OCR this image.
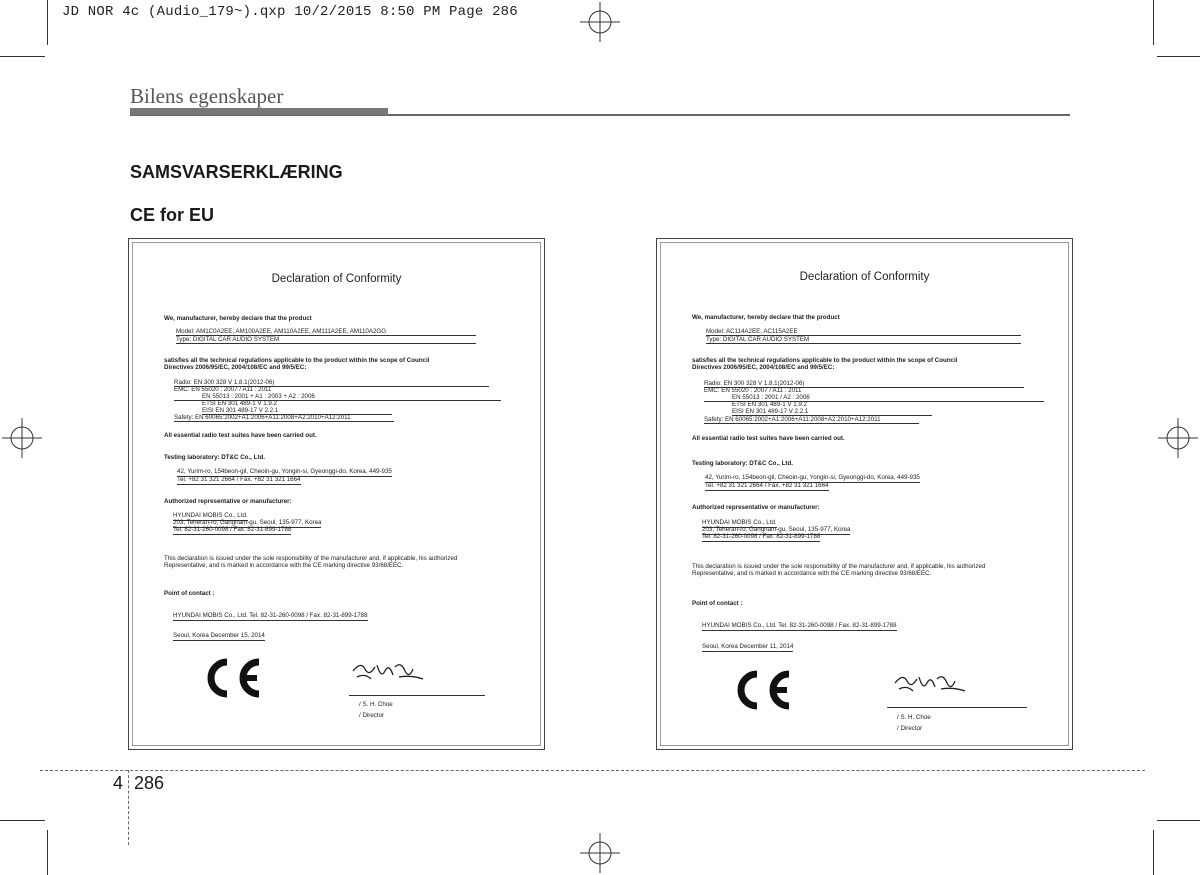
JD NOR 4c (Audio_179~).qxp 10/2/2015 8:50 PM Page 286
Bilens egenskaper
SAMSVARSERKLÆRING
CE for EU
Declaration of Conformity
We, manufacturer, hereby declare that the product
Model: AM1C0A2EE, AM100A2EE, AM110A2EE, AM111A2EE, AM110A2GG
Type: DIGITAL CAR AUDIO SYSTEM
satisfies all the technical regulations applicable to the product within the scope of Council
Directives 2006/95/EC, 2004/108/EC and 99/5/EC:
Radio: EN 300 328 V 1.8.1(2012-06)
EMC: EN 55020 : 2007 / A11 : 2011
EN 55013 : 2001 + A1 : 2003 + A2 : 2006
ETSI EN 301 489-1 V 1.9.2
EISI EN 301 489-17 V 2.2.1
Safety: EN 60065:2002+A1:2006+A11:2008+A2:2010+A12:2011
All essential radio test suites have been carried out.
Testing laboratory: DT&C Co., Ltd.
42, Yurim-ro, 154beon-gil, Cheoin-gu, Yongin-si, Gyeonggi-do, Korea, 449-935
Tel. +82 31 321 2664 / Fax. +82 31 321 1664
Authorized representative or manufacturer:
HYUNDAI MOBIS Co., Ltd.
203, Teheran-ro, Gangnam-gu, Seoul, 135-977, Korea
Tel. 82-31-260-0098 / Fax. 82-31-899-1788
This declaration is issued under the sole responsibility of the manufacturer and, if applicable, his authorized
Representative, and is marked in accordance with the CE marking directive 93/68/EEC.
Point of contact :
HYUNDAI MOBIS Co., Ltd. Tel. 82-31-260-0098 / Fax. 82-31-899-1788
Seoul, Korea December 15, 2014
/ S. H. Choe
/ Director
Declaration of Conformity
We, manufacturer, hereby declare that the product
Model: AC114A2EE, AC115A2EE
Type: DIGITAL CAR AUDIO SYSTEM
satisfies all the technical regulations applicable to the product within the scope of Council
Directives 2006/95/EC, 2004/108/EC and 99/5/EC:
Radio: EN 300 328 V 1.8.1(2012-06)
EMC: EN 55020 : 2007 / A11 : 2011
EN 55013 : 2001 / A2 : 2006
ETSI EN 301 489-1 V 1.9.2
EISI EN 301 489-17 V 2.2.1
Safety: EN 60065:2002+A1:2006+A11:2008+A2:2010+A12:2011
All essential radio test suites have been carried out.
Testing laboratory: DT&C Co., Ltd.
42, Yurim-ro, 154beon-gil, Cheoin-gu, Yongin-si, Gyeonggi-do, Korea, 449-935
Tel. +82 31 321 2664 / Fax. +82 31 321 1664
Authorized representative or manufacturer:
HYUNDAI MOBIS Co., Ltd.
203, Teheran-ro, Gangnam-gu, Seoul, 135-977, Korea
Tel. 82-31-260-0098 / Fax. 82-31-899-1788
This declaration is issued under the sole responsibility of the manufacturer and, if applicable, his authorized
Representative, and is marked in accordance with the CE marking directive 93/68/EEC.
Point of contact :
HYUNDAI MOBIS Co., Ltd. Tel. 82-31-260-0098 / Fax. 82-31-899-1788
Seoul, Korea December 11, 2014
/ S. H. Choe
/ Director
4 286
